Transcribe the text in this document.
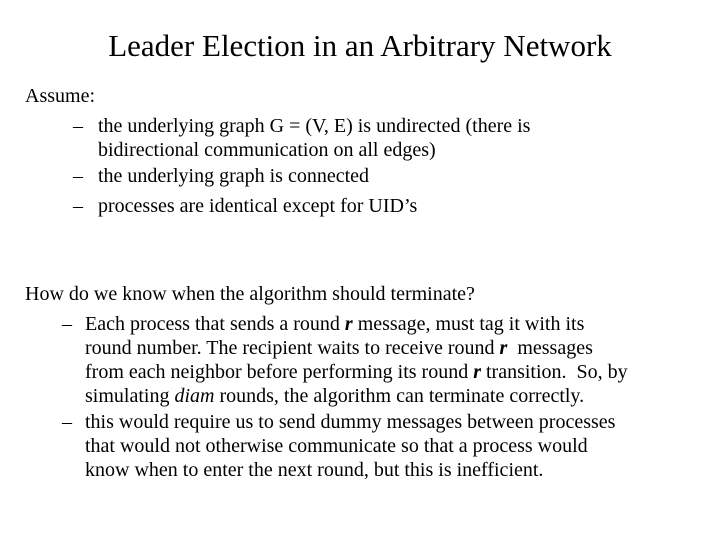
Leader Election in an Arbitrary Network
Assume:
– the underlying graph G = (V, E) is undirected (there is
bidirectional communication on all edges)
– the underlying graph is connected
– processes are identical except for UID’s
How do we know when the algorithm should terminate?
– Each process that sends a round r message, must tag it with its
round number. The recipient waits to receive round r  messages
from each neighbor before performing its round r transition.  So, by
simulating diam rounds, the algorithm can terminate correctly.
– this would require us to send dummy messages between processes
that would not otherwise communicate so that a process would
know when to enter the next round, but this is inefficient.
